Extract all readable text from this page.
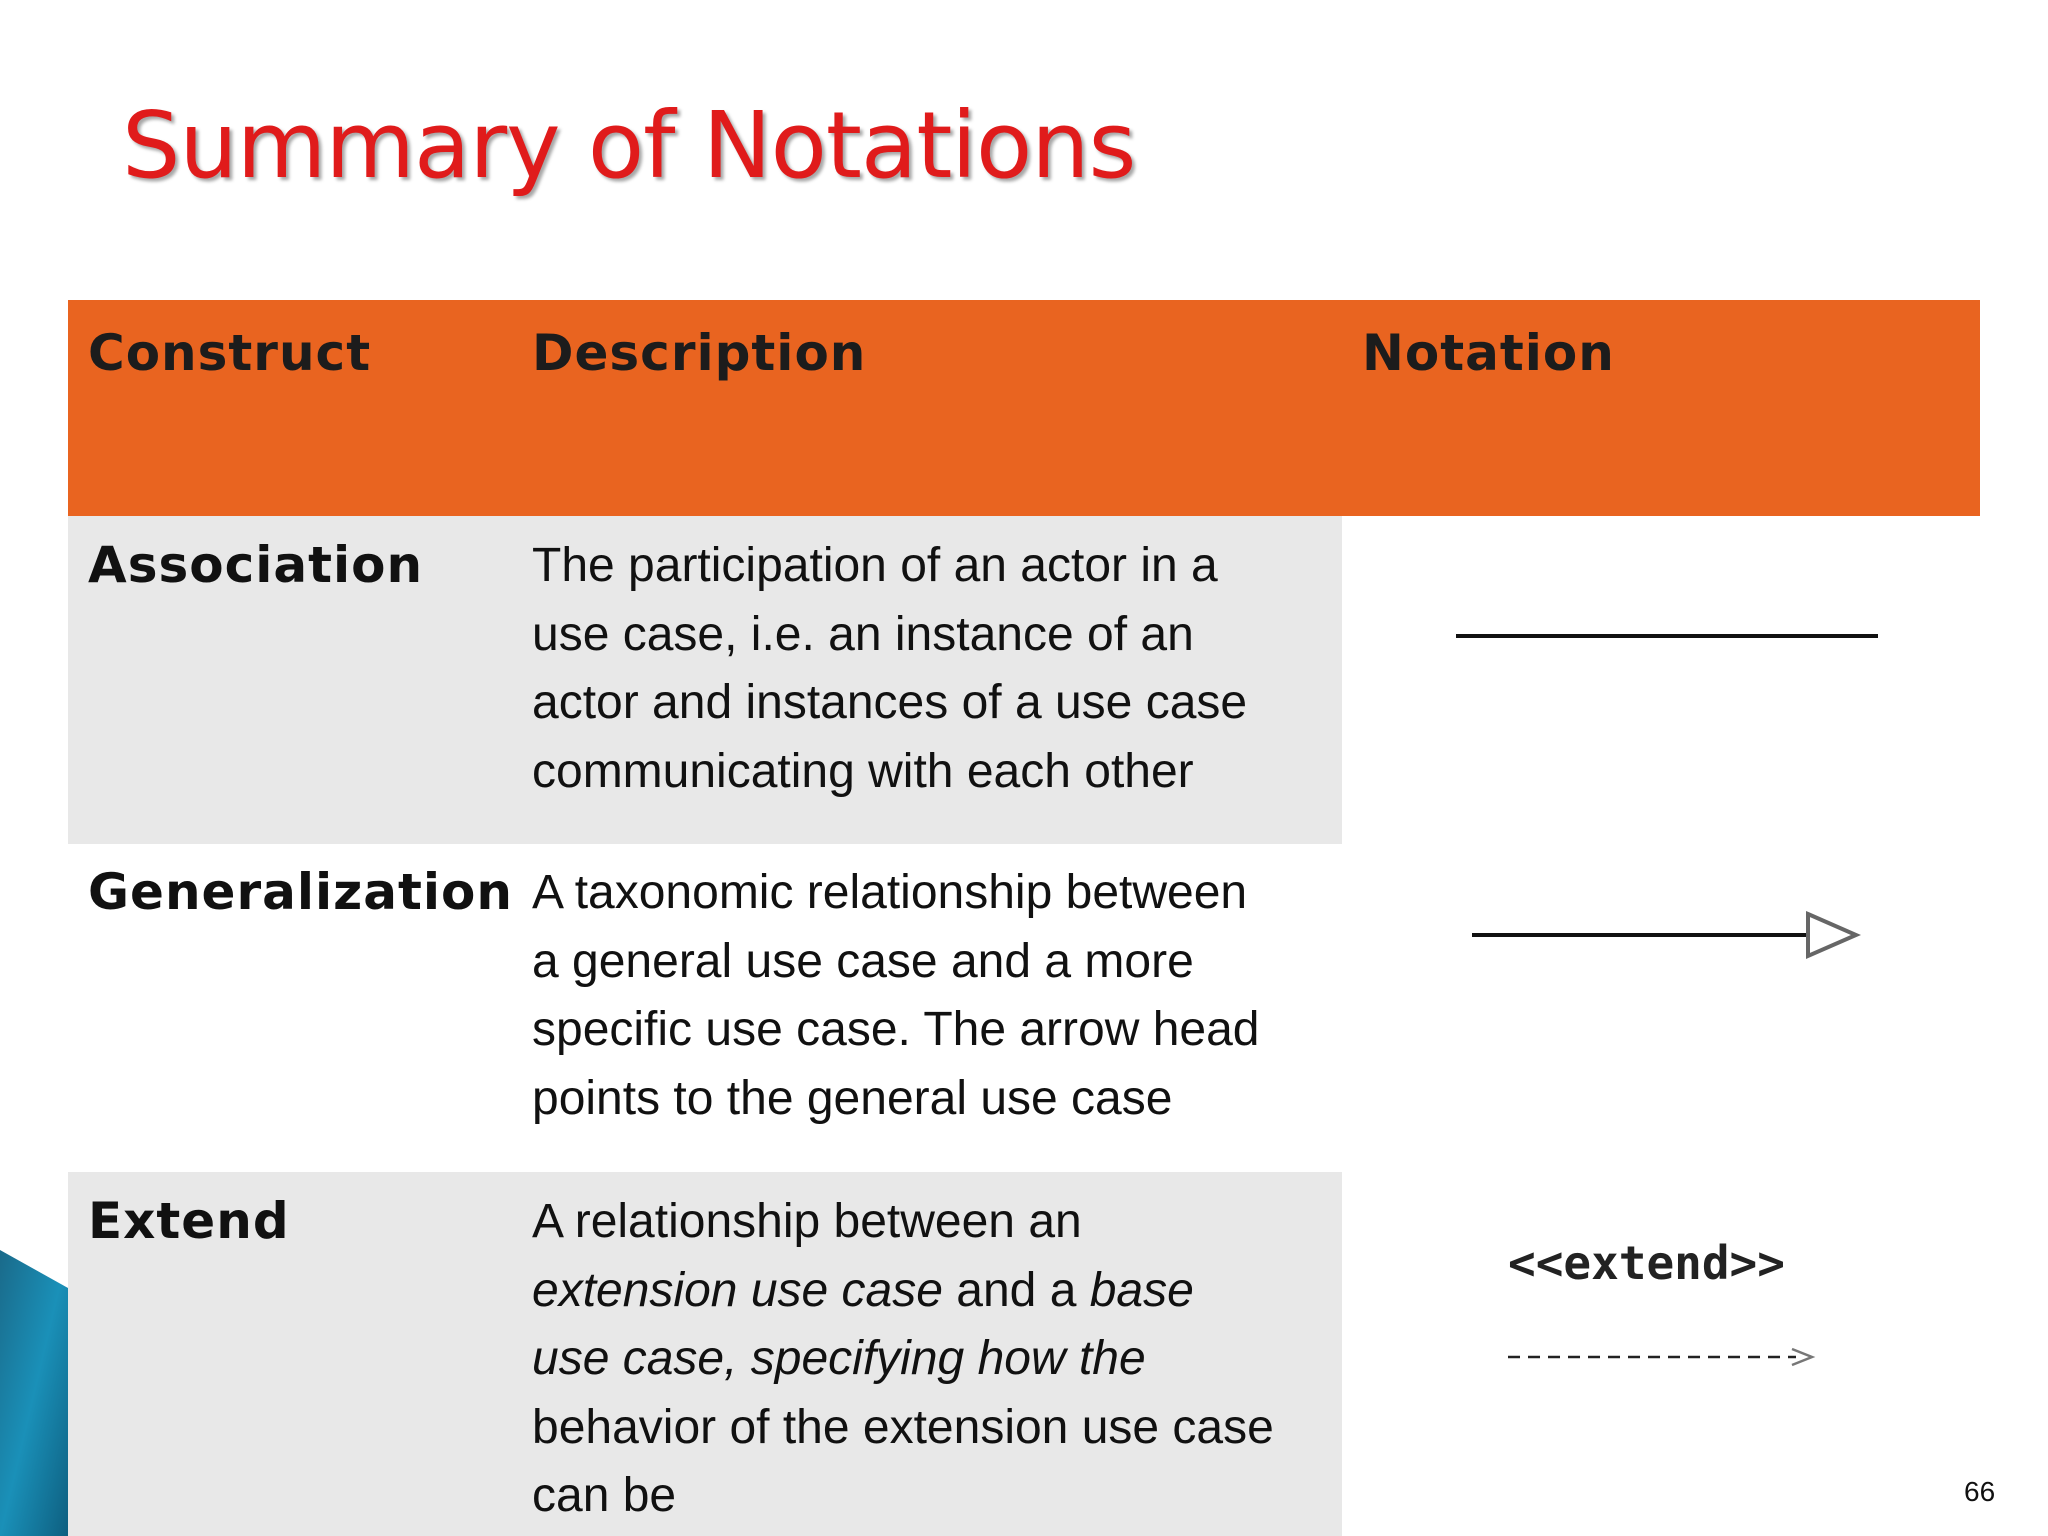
Summary of Notations
Construct	Description	Notation
Association The participation of an actor in a
use case, i.e. an instance of an
actor and instances of a use case
communicating with each other
Generalization A taxonomic relationship between
a general use case and a more
specific use case. The arrow head
points to the general use case
Extend	A relationship between an
extension use case and a base
use case, specifying how the
behavior of the extension use case
can be
<<extend>>
66
